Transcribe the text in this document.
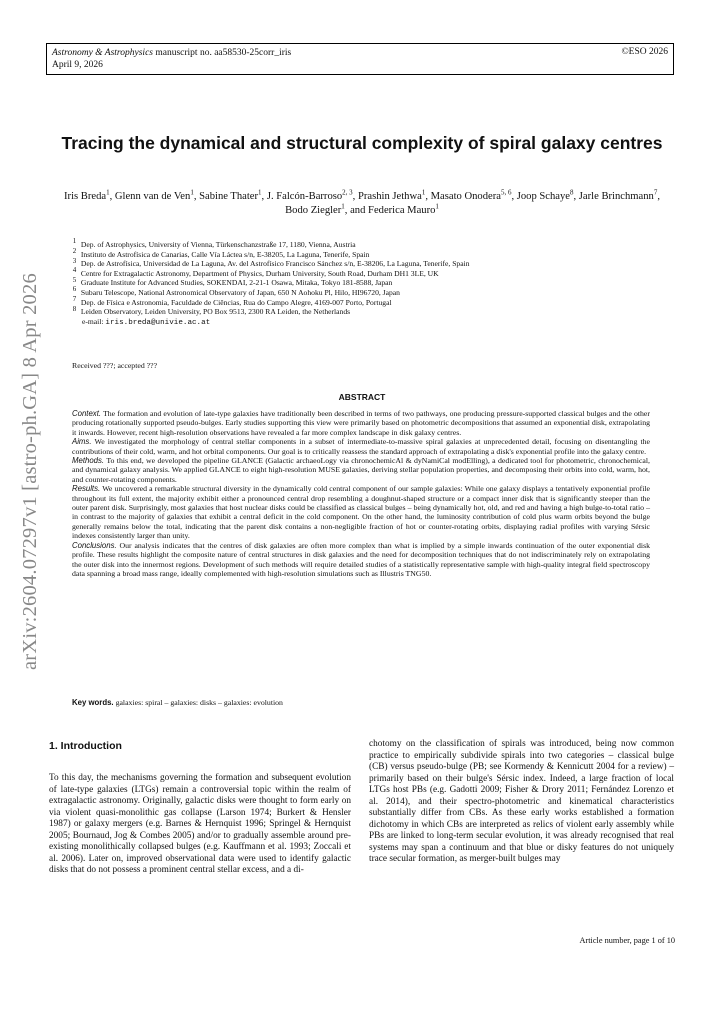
Astronomy & Astrophysics manuscript no. aa58530-25corr_iris
April 9, 2026
©ESO 2026
arXiv:2604.07297v1 [astro-ph.GA] 8 Apr 2026
Tracing the dynamical and structural complexity of spiral galaxy centres
Iris Breda$^1$, Glenn van de Ven$^1$, Sabine Thater$^1$, J. Falcón-Barroso$^{2, 3}$, Prashin Jethwa$^1$, Masato Onodera$^{5, 6}$, Joop Schaye$^8$, Jarle Brinchmann$^7$, Bodo Ziegler$^1$, and Federica Mauro$^1$
$^1$ Dep. of Astrophysics, University of Vienna, Türkenschanzstraße 17, 1180, Vienna, Austria
$^2$ Instituto de Astrofísica de Canarias, Calle Vía Láctea s/n, E-38205, La Laguna, Tenerife, Spain
$^3$ Dep. de Astrofísica, Universidad de La Laguna, Av. del Astrofísico Francisco Sánchez s/n, E-38206, La Laguna, Tenerife, Spain
$^4$ Centre for Extragalactic Astronomy, Department of Physics, Durham University, South Road, Durham DH1 3LE, UK
$^5$ Graduate Institute for Advanced Studies, SOKENDAI, 2-21-1 Osawa, Mitaka, Tokyo 181-8588, Japan
$^6$ Subaru Telescope, National Astronomical Observatory of Japan, 650 N Aohoku Pl, Hilo, HI96720, Japan
$^7$ Dep. de Física e Astronomia, Faculdade de Ciências, Rua do Campo Alegre, 4169-007 Porto, Portugal
$^8$ Leiden Observatory, Leiden University, PO Box 9513, 2300 RA Leiden, the Netherlands
e-mail: iris.breda@univie.ac.at
Received ???; accepted ???
ABSTRACT

Context. The formation and evolution of late-type galaxies have traditionally been described in terms of two pathways, one producing pressure-supported classical bulges and the other producing rotationally supported pseudo-bulges. Early studies supporting this view were primarily based on photometric decompositions that assumed an exponential disk, extrapolating it inwards. However, recent high-resolution observations have revealed a far more complex landscape in disk galaxy centres.

Aims. We investigated the morphology of central stellar components in a subset of intermediate-to-massive spiral galaxies at unprecedented detail, focusing on disentangling the contributions of their cold, warm, and hot orbital components. Our goal is to critically reassess the standard approach of extrapolating a disk's exponential profile into the galaxy centre.

Methods. To this end, we developed the pipeline GLANCE (Galactic archaeoLogy via chronochemicAl & dyNamiCal modElling), a dedicated tool for photometric, chronochemical, and dynamical galaxy analysis. We applied GLANCE to eight high-resolution MUSE galaxies, deriving stellar population properties, and decomposing their orbits into cold, warm, hot, and counter-rotating components.

Results. We uncovered a remarkable structural diversity in the dynamically cold central component of our sample galaxies: While one galaxy displays a tentatively exponential profile throughout its full extent, the majority exhibit either a pronounced central drop resembling a doughnut-shaped structure or a compact inner disk that is significantly steeper than the outer parent disk. Surprisingly, most galaxies that host nuclear disks could be classified as classical bulges – being dynamically hot, old, and red and having a high bulge-to-total ratio – in contrast to the majority of galaxies that exhibit a central deficit in the cold component. On the other hand, the luminosity contribution of cold plus warm orbits beyond the bulge generally remains below the total, indicating that the parent disk contains a non-negligible fraction of hot or counter-rotating orbits, displaying radial profiles with varying Sérsic indexes consistently larger than unity.

Conclusions. Our analysis indicates that the centres of disk galaxies are often more complex than what is implied by a simple inwards continuation of the outer exponential disk profile. These results highlight the composite nature of central structures in disk galaxies and the need for decomposition techniques that do not indiscriminately rely on extrapolating the outer disk into the innermost regions. Development of such methods will require detailed studies of a statistically representative sample with high-quality integral field spectroscopy data spanning a broad mass range, ideally complemented with high-resolution simulations such as Illustris TNG50.

Key words. galaxies: spiral – galaxies: disks – galaxies: evolution
1. Introduction
To this day, the mechanisms governing the formation and subsequent evolution of late-type galaxies (LTGs) remain a controversial topic within the realm of extragalactic astronomy. Originally, galactic disks were thought to form early on via violent quasi-monolithic gas collapse (Larson 1974; Burkert & Hensler 1987) or galaxy mergers (e.g. Barnes & Hernquist 1996; Springel & Hernquist 2005; Bournaud, Jog & Combes 2005) and/or to gradually assemble around pre-existing monolithically collapsed bulges (e.g. Kauffmann et al. 1993; Zoccali et al. 2006). Later on, improved observational data were used to identify galactic disks that do not possess a prominent central stellar excess, and a di-
chotomy on the classification of spirals was introduced, being now common practice to empirically subdivide spirals into two categories – classical bulge (CB) versus pseudo-bulge (PB; see Kormendy & Kennicutt 2004 for a review) – primarily based on their bulge's Sérsic index. Indeed, a large fraction of local LTGs host PBs (e.g. Gadotti 2009; Fisher & Drory 2011; Fernández Lorenzo et al. 2014), and their spectro-photometric and kinematical characteristics substantially differ from CBs. As these early works established a formation dichotomy in which CBs are interpreted as relics of violent early assembly while PBs are linked to long-term secular evolution, it was already recognised that real systems may span a continuum and that blue or disky features do not uniquely trace secular formation, as merger-built bulges may
Article number, page 1 of 10
